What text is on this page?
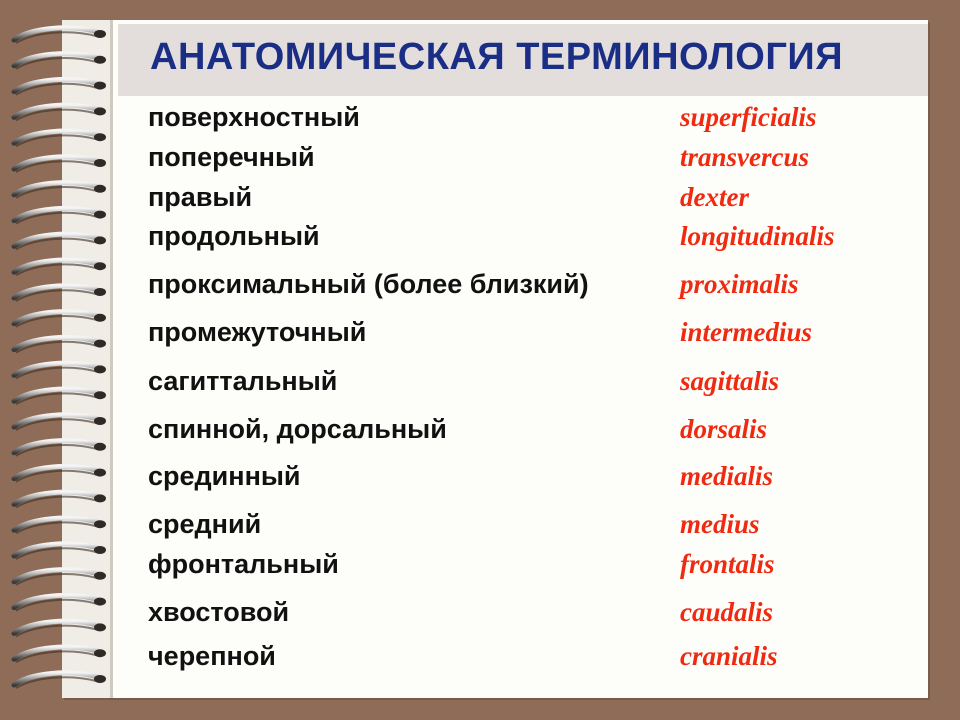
АНАТОМИЧЕСКАЯ ТЕРМИНОЛОГИЯ

поверхностный	superficialis

поперечный	transvercus

правый	dexter

продольный	longitudinalis

проксимальный (более близкий)	proximalis

промежуточный	intermedius

сагиттальный	sagittalis

спинной, дорсальный	dorsalis

срединный	medialis

средний	medius

фронтальный	frontalis

хвостовой	caudalis

черепной	cranialis
